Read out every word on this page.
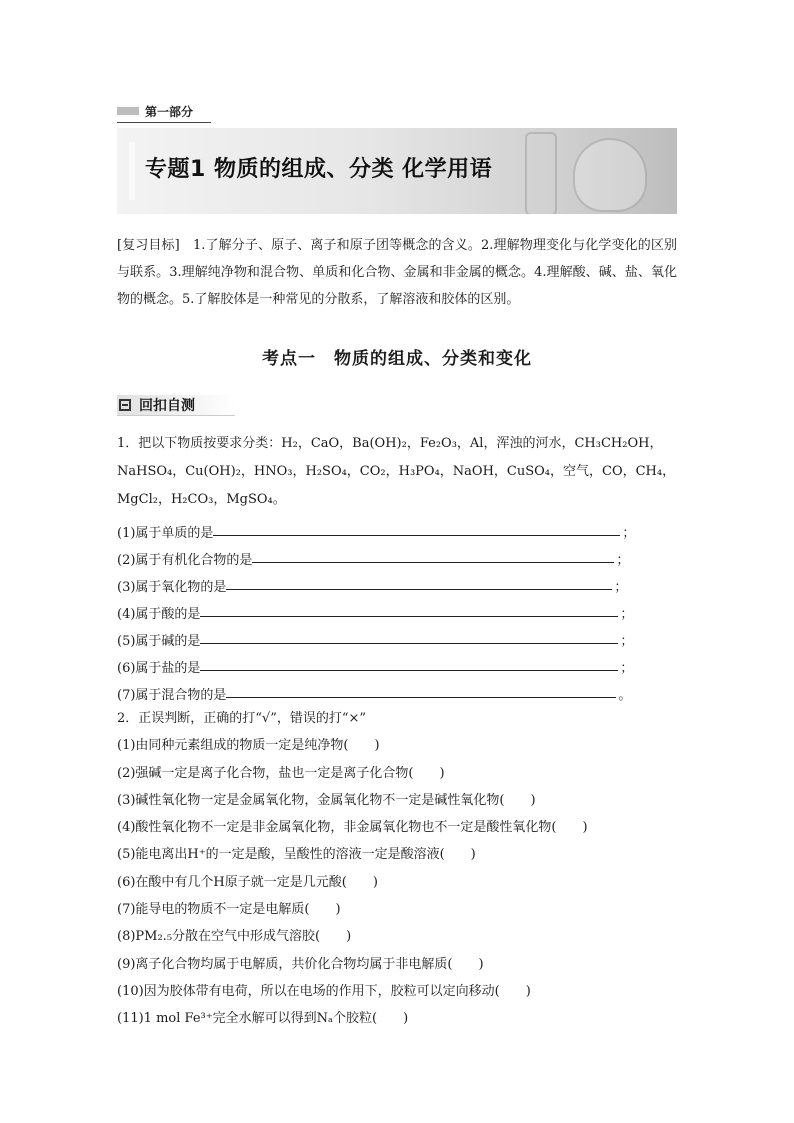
第一部分
专题1 物质的组成、分类 化学用语
[复习目标]　1.了解分子、原子、离子和原子团等概念的含义。2.理解物理变化与化学变化的区别与联系。3.理解纯净物和混合物、单质和化合物、金属和非金属的概念。4.理解酸、碱、盐、氧化物的概念。5.了解胶体是一种常见的分散系，了解溶液和胶体的区别。
考点一　物质的组成、分类和变化
回扣自测
1．把以下物质按要求分类：H₂，CaO，Ba(OH)₂，Fe₂O₃，Al，浑浊的河水，CH₃CH₂OH，NaHSO₄，Cu(OH)₂，HNO₃，H₂SO₄，CO₂，H₃PO₄，NaOH，CuSO₄，空气，CO，CH₄，MgCl₂，H₂CO₃，MgSO₄。
(1)属于单质的是	；
(2)属于有机化合物的是	；
(3)属于氧化物的是	；
(4)属于酸的是	；
(5)属于碱的是	；
(6)属于盐的是	；
(7)属于混合物的是	。
2．正误判断，正确的打“√”，错误的打“×”
(1)由同种元素组成的物质一定是纯净物(　　)
(2)强碱一定是离子化合物，盐也一定是离子化合物(　　)
(3)碱性氧化物一定是金属氧化物，金属氧化物不一定是碱性氧化物(　　)
(4)酸性氧化物不一定是非金属氧化物，非金属氧化物也不一定是酸性氧化物(　　)
(5)能电离出H⁺的一定是酸，呈酸性的溶液一定是酸溶液(　　)
(6)在酸中有几个H原子就一定是几元酸(　　)
(7)能导电的物质不一定是电解质(　　)
(8)PM₂.₅分散在空气中形成气溶胶(　　)
(9)离子化合物均属于电解质，共价化合物均属于非电解质(　　)
(10)因为胶体带有电荷，所以在电场的作用下，胶粒可以定向移动(　　)
(11)1 mol Fe³⁺完全水解可以得到Nₐ个胶粒(　　)
